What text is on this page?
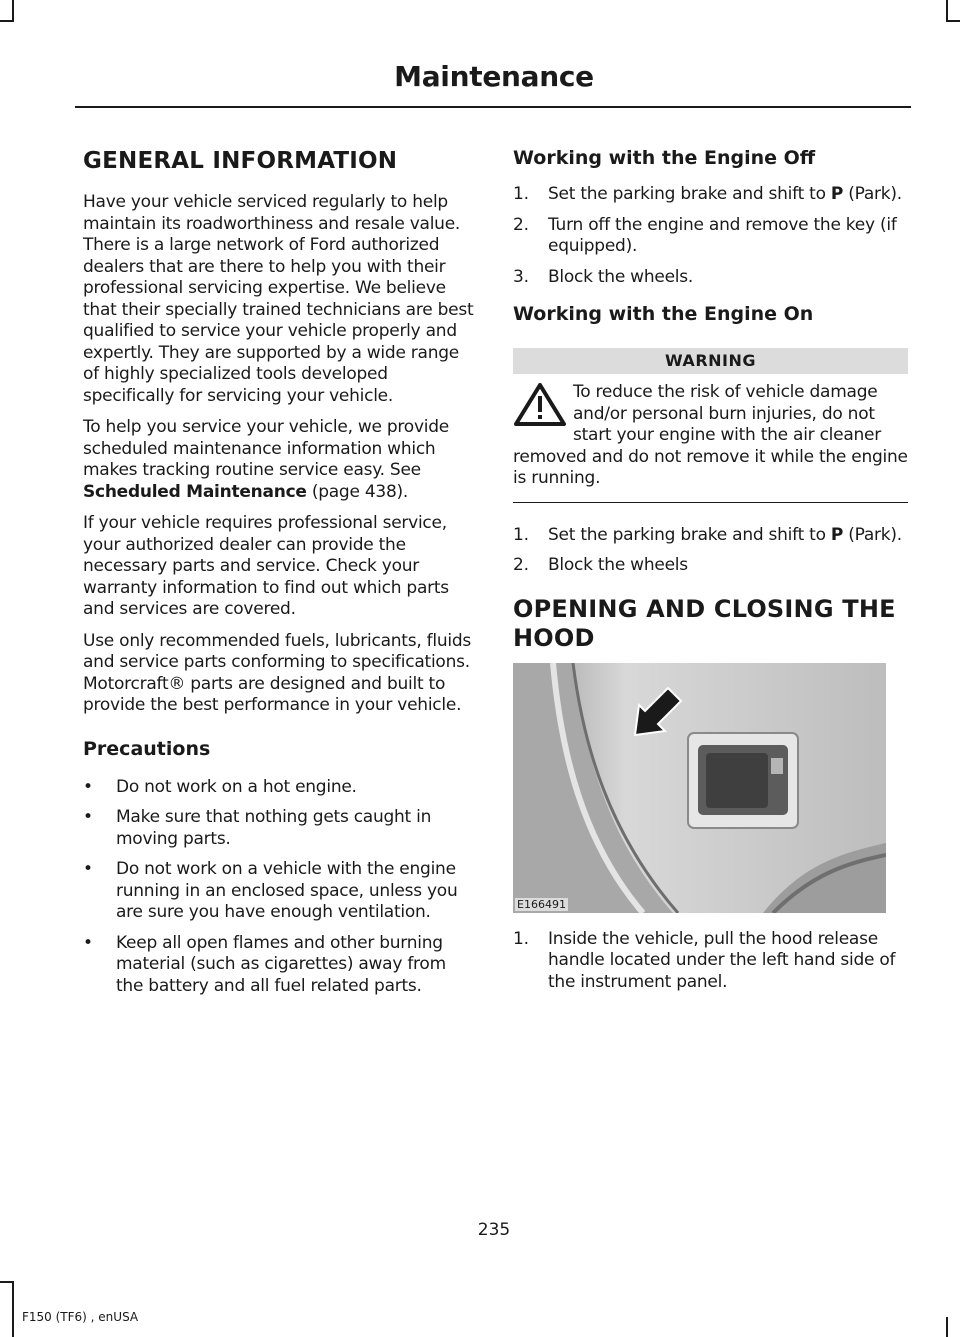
Maintenance
GENERAL INFORMATION

Have your vehicle serviced regularly to help maintain its roadworthiness and resale value. There is a large network of Ford authorized dealers that are there to help you with their professional servicing expertise. We believe that their specially trained technicians are best qualified to service your vehicle properly and expertly. They are supported by a wide range of highly specialized tools developed specifically for servicing your vehicle.

To help you service your vehicle, we provide scheduled maintenance information which makes tracking routine service easy. See Scheduled Maintenance (page 438).

If your vehicle requires professional service, your authorized dealer can provide the necessary parts and service. Check your warranty information to find out which parts and services are covered.

Use only recommended fuels, lubricants, fluids and service parts conforming to specifications. Motorcraft® parts are designed and built to provide the best performance in your vehicle.

Precautions
• Do not work on a hot engine.
• Make sure that nothing gets caught in moving parts.
• Do not work on a vehicle with the engine running in an enclosed space, unless you are sure you have enough ventilation.
• Keep all open flames and other burning material (such as cigarettes) away from the battery and all fuel related parts.
Working with the Engine Off
1. Set the parking brake and shift to P (Park).
2. Turn off the engine and remove the key (if equipped).
3. Block the wheels.
Working with the Engine On
WARNING

To reduce the risk of vehicle damage and/or personal burn injuries, do not start your engine with the air cleaner removed and do not remove it while the engine is running.

1. Set the parking brake and shift to P (Park).
2. Block the wheels
OPENING AND CLOSING THE HOOD
E166491
1. Inside the vehicle, pull the hood release handle located under the left hand side of the instrument panel.
235
F150 (TF6) , enUSA
